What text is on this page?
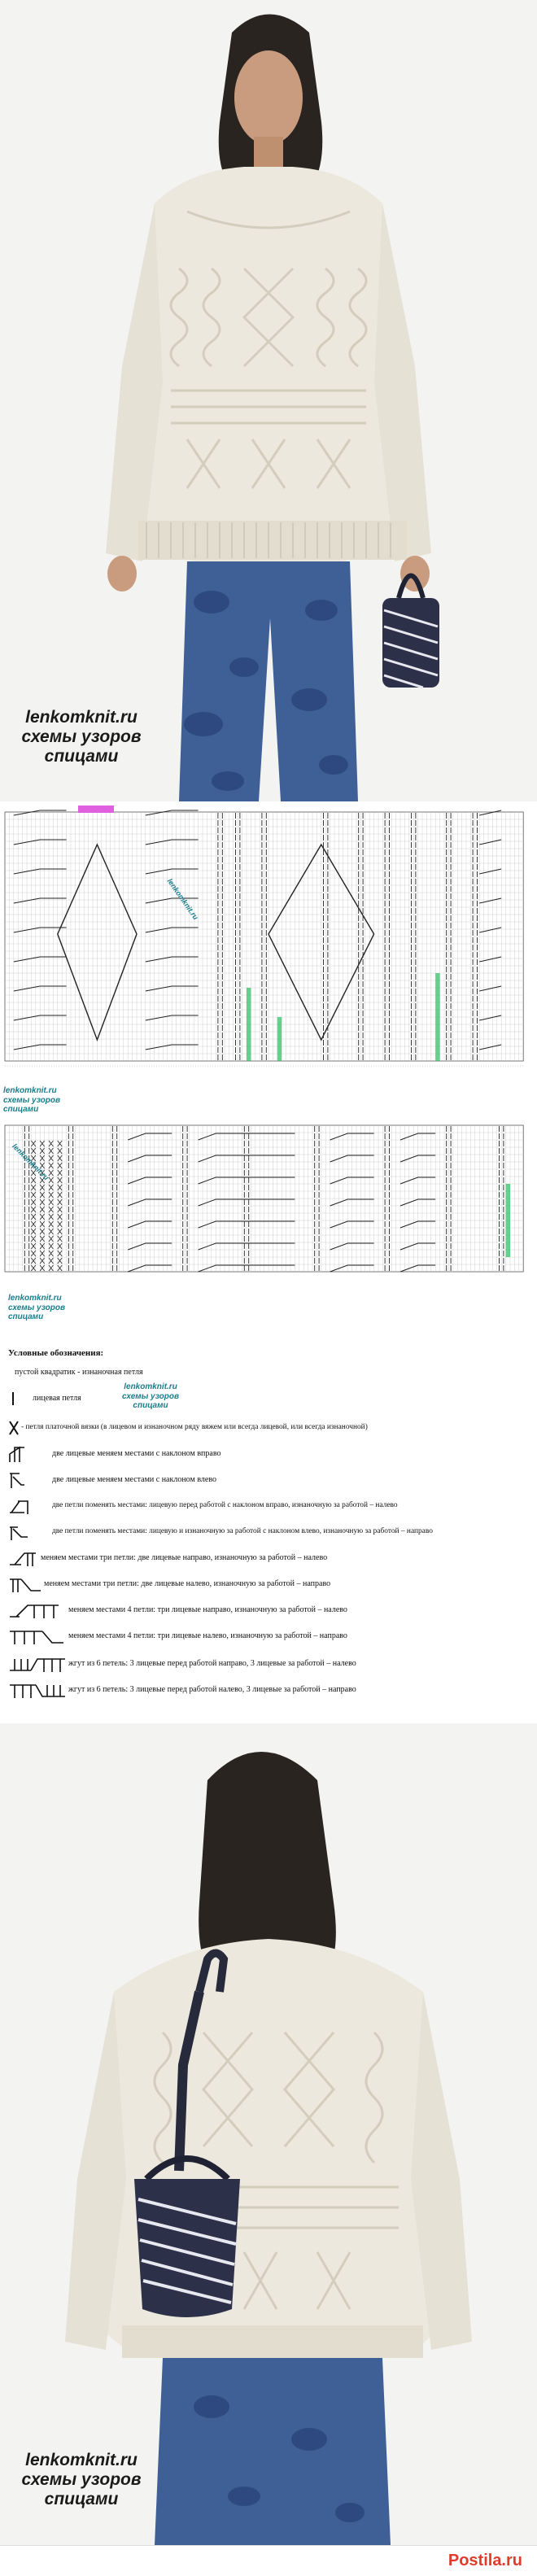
lenkomknit.ru
схемы узоров
спицами
lenkomknit.ru
lenkomknit.ru
lenkomknit.ru
схемы узоров
спицами
lenkomknit.ru
lenkomknit.ru
схемы узоров
спицами
Условные обозначения:
пустой квадратик - изнаночная петля
лицевая петля
lenkomknit.ru
схемы узоров
спицами
- петля платочной вязки (в лицевом и изнаночном ряду вяжем или всегда лицевой, или всегда изнаночной)
две лицевые меняем местами с наклоном вправо
две лицевые меняем местами с наклоном влево
две петли поменять местами: лицевую перед работой с наклоном вправо, изнаночную за работой – налево
две петли поменять местами: лицевую и изнаночную за работой с наклоном влево, изнаночную за работой – направо
меняем местами три петли: две лицевые направо, изнаночную за работой – налево
меняем местами три петли: две лицевые налево, изнаночную за работой – направо
меняем местами 4 петли: три лицевые направо, изнаночную за работой – налево
меняем местами 4 петли: три лицевые налево, изнаночную за работой – направо
жгут из 6 петель: 3 лицевые перед работой направо, 3 лицевые за работой – налево
жгут из 6 петель: 3 лицевые перед работой налево, 3 лицевые за работой – направо
lenkomknit.ru
схемы узоров
спицами
Postila.ru
